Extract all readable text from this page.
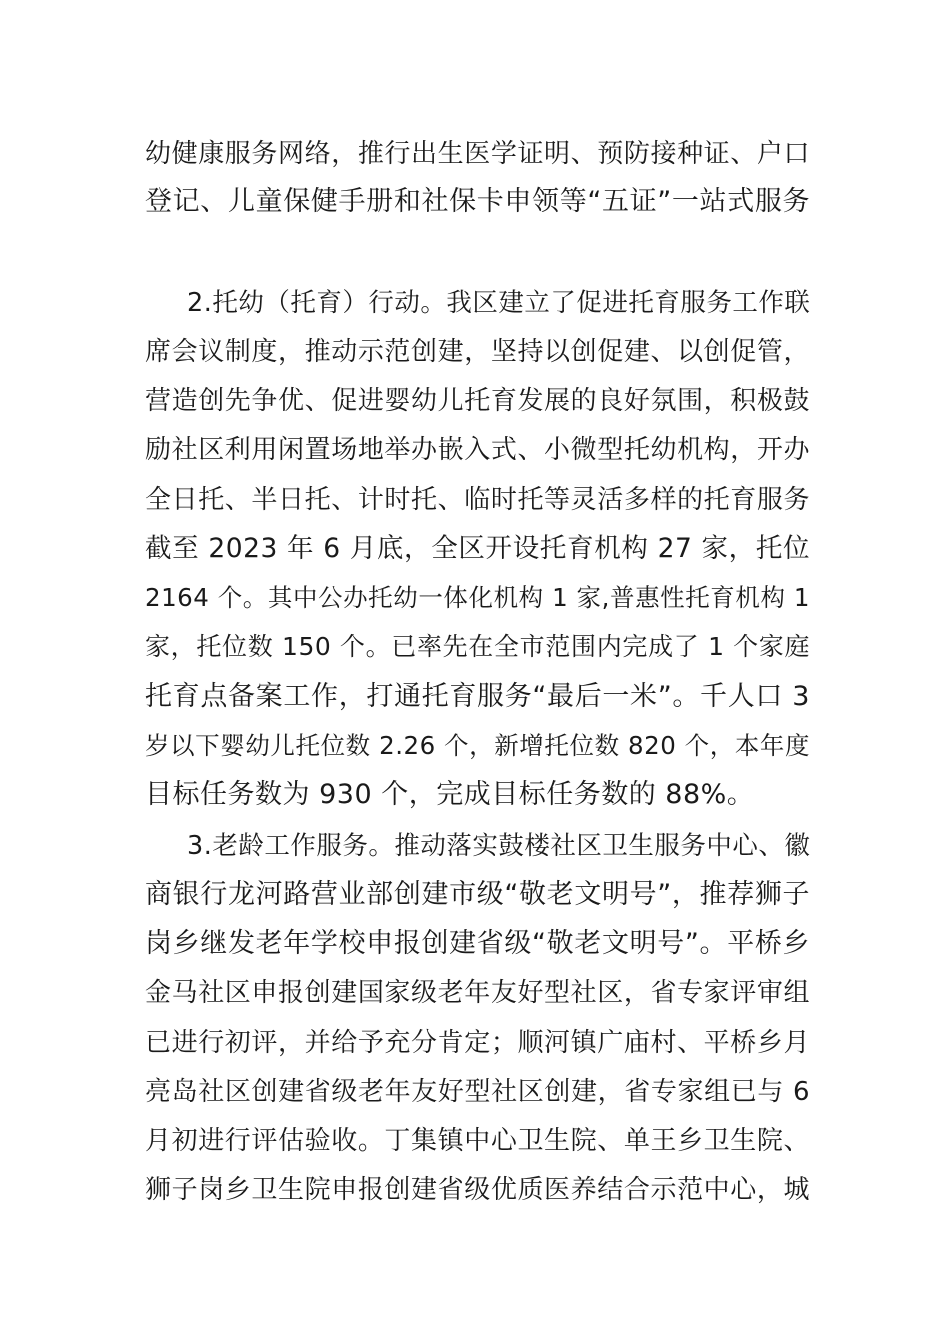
幼健康服务网络，推行出生医学证明、预防接种证、户口

登记、儿童保健手册和社保卡申领等“五证”一站式服务

2.托幼（托育）行动。我区建立了促进托育服务工作联

席会议制度，推动示范创建，坚持以创促建、以创促管，

营造创先争优、促进婴幼儿托育发展的良好氛围，积极鼓

励社区利用闲置场地举办嵌入式、小微型托幼机构，开办

全日托、半日托、计时托、临时托等灵活多样的托育服务

截至 2023 年 6 月底，全区开设托育机构 27 家，托位

2164 个。其中公办托幼一体化机构 1 家,普惠性托育机构 1

家，托位数 150 个。已率先在全市范围内完成了 1 个家庭

托育点备案工作，打通托育服务“最后一米”。千人口 3

岁以下婴幼儿托位数 2.26 个，新增托位数 820 个，本年度

目标任务数为 930 个，完成目标任务数的 88%。

3.老龄工作服务。推动落实鼓楼社区卫生服务中心、徽

商银行龙河路营业部创建市级“敬老文明号”，推荐狮子

岗乡继发老年学校申报创建省级“敬老文明号”。平桥乡

金马社区申报创建国家级老年友好型社区，省专家评审组

已进行初评，并给予充分肯定；顺河镇广庙村、平桥乡月

亮岛社区创建省级老年友好型社区创建，省专家组已与 6

月初进行评估验收。丁集镇中心卫生院、单王乡卫生院、

狮子岗乡卫生院申报创建省级优质医养结合示范中心，城
